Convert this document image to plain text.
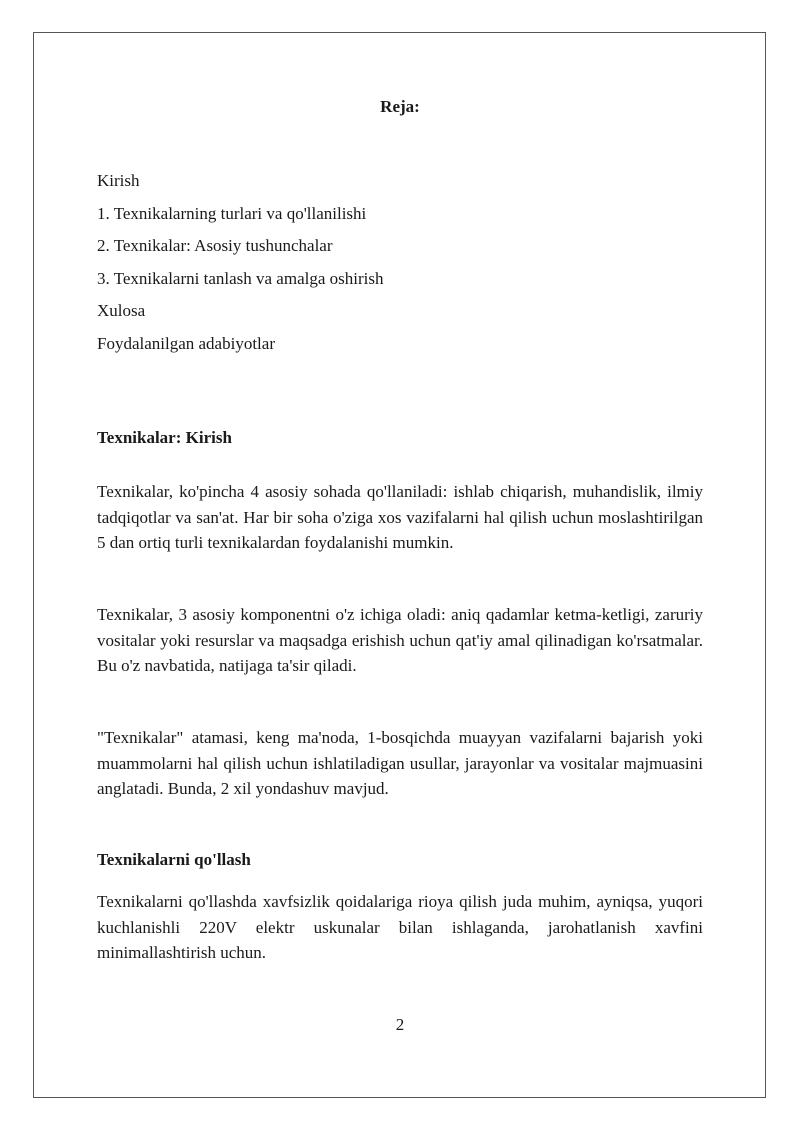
Reja:

Kirish
1. Texnikalarning turlari va qo'llanilishi
2. Texnikalar: Asosiy tushunchalar
3. Texnikalarni tanlash va amalga oshirish
Xulosa
Foydalanilgan adabiyotlar

Texnikalar: Kirish

Texnikalar, ko'pincha 4 asosiy sohada qo'llaniladi: ishlab chiqarish, muhandislik, ilmiy tadqiqotlar va san'at. Har bir soha o'ziga xos vazifalarni hal qilish uchun moslashtirilgan 5 dan ortiq turli texnikalardan foydalanishi mumkin.

Texnikalar, 3 asosiy komponentni o'z ichiga oladi: aniq qadamlar ketma-ketligi, zaruriy vositalar yoki resurslar va maqsadga erishish uchun qat'iy amal qilinadigan ko'rsatmalar. Bu o'z navbatida, natijaga ta'sir qiladi.

"Texnikalar" atamasi, keng ma'noda, 1-bosqichda muayyan vazifalarni bajarish yoki muammolarni hal qilish uchun ishlatiladigan usullar, jarayonlar va vositalar majmuasini anglatadi. Bunda, 2 xil yondashuv mavjud.

Texnikalarni qo'llash

Texnikalarni qo'llashda xavfsizlik qoidalariga rioya qilish juda muhim, ayniqsa, yuqori kuchlanishli 220V elektr uskunalar bilan ishlaganda, jarohatlanish xavfini minimallashtirish uchun.

2
